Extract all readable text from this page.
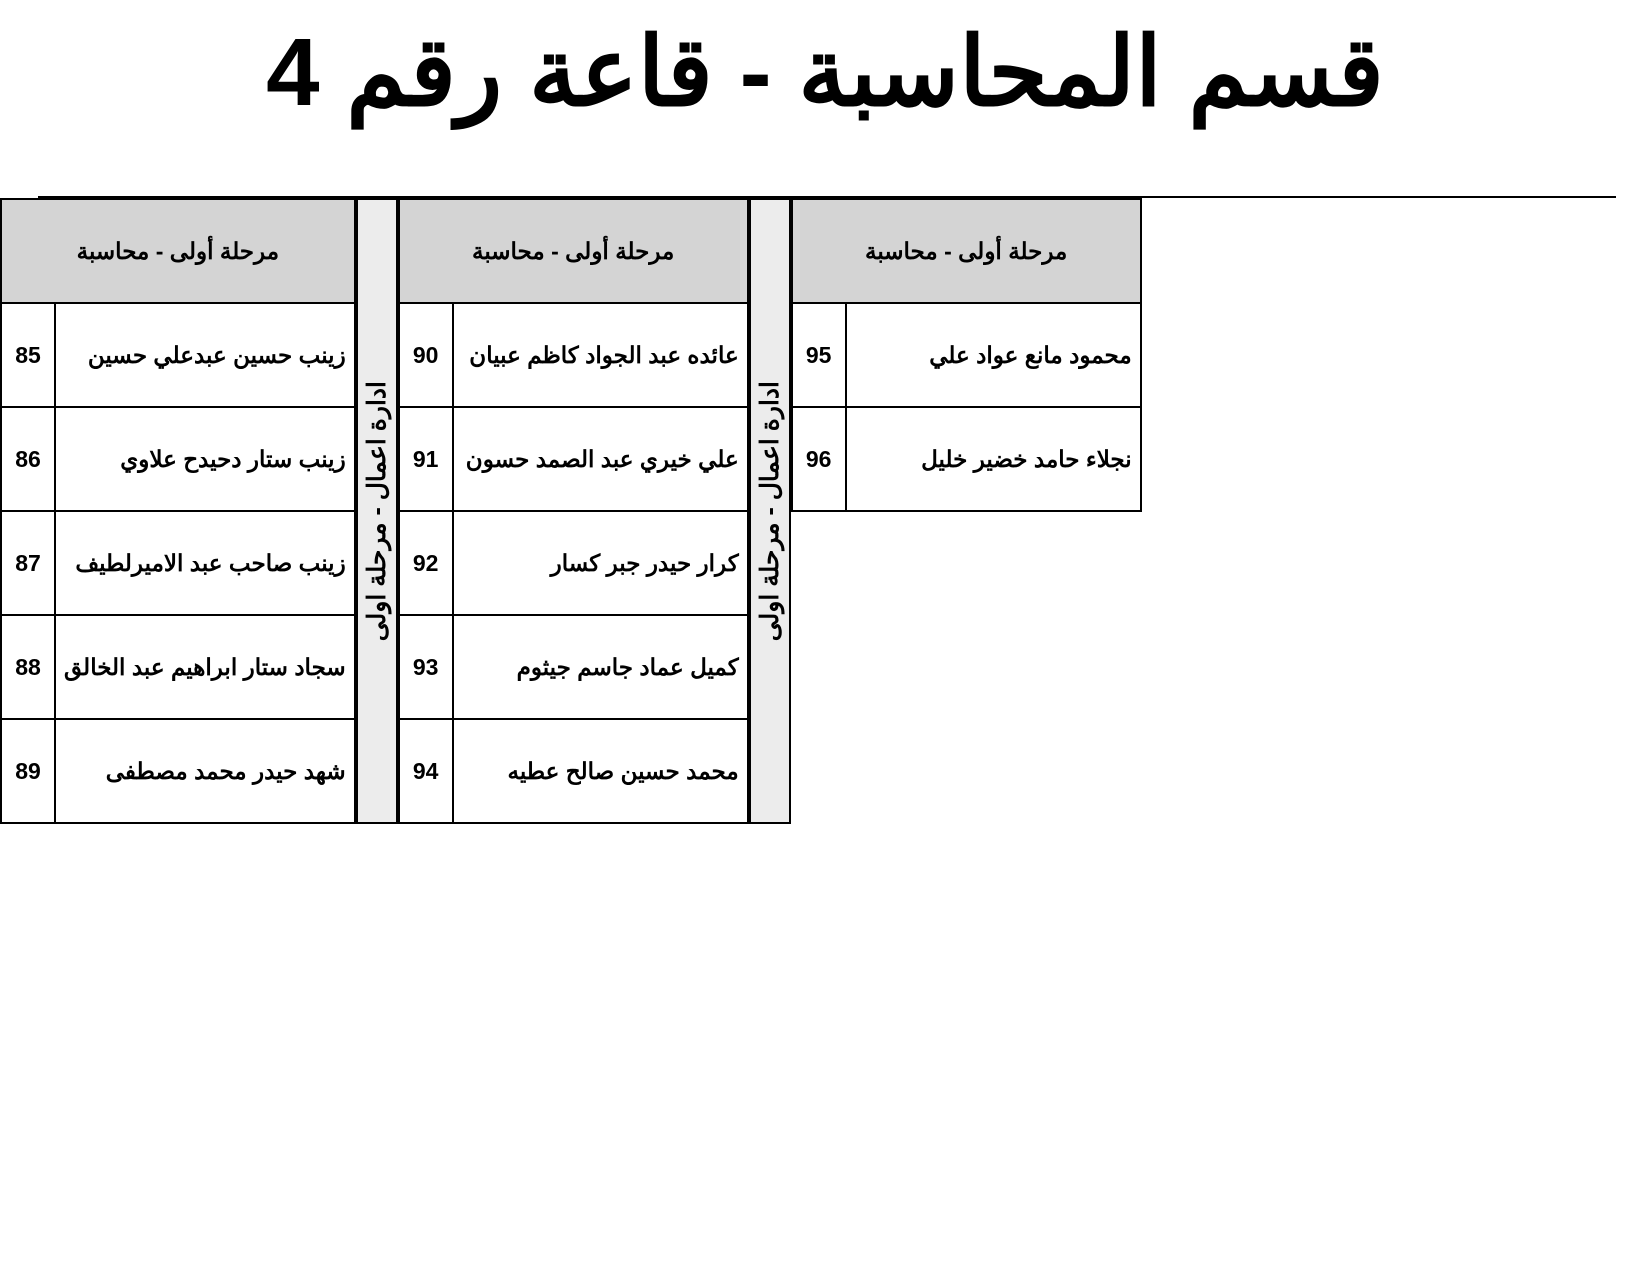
قسم المحاسبة - قاعة رقم 4
مرحلة أولى - محاسبة	
زينب حسين عبدعلي حسين	85
زينب ستار دحيدح علاوي	86
زينب صاحب عبد الاميرلطيف	87
سجاد ستار ابراهيم عبد الخالق	88
شهد حيدر محمد مصطفى	89
ادارة اعمال - مرحلة اولى
مرحلة أولى - محاسبة	
عائده عبد الجواد كاظم عبيان	90
علي خيري عبد الصمد حسون	91
كرار حيدر جبر كسار	92
كميل عماد جاسم جيثوم	93
محمد حسين صالح عطيه	94
ادارة اعمال - مرحلة اولى
مرحلة أولى - محاسبة	
محمود مانع عواد علي	95
نجلاء حامد خضير خليل	96
